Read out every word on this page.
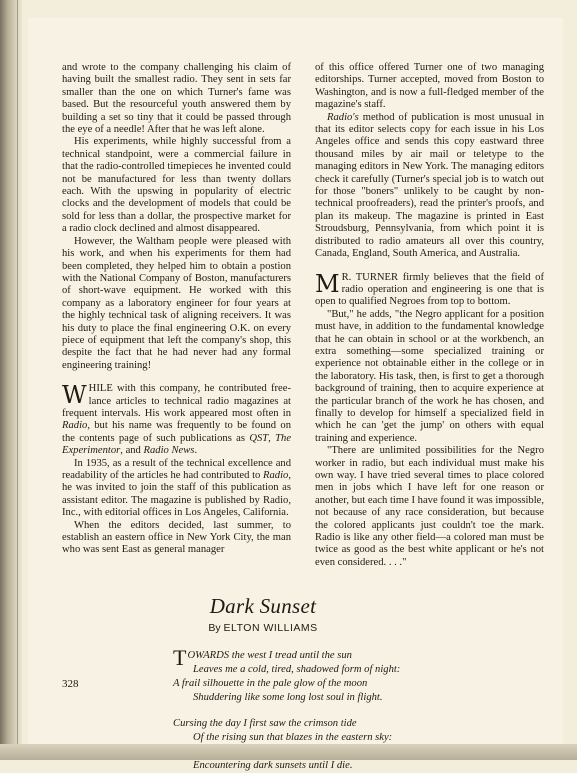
and wrote to the company challenging his claim of having built the smallest radio. They sent in sets far smaller than the one on which Turner's fame was based. But the resourceful youth answered them by building a set so tiny that it could be passed through the eye of a needle! After that he was left alone.

His experiments, while highly successful from a technical standpoint, were a commercial failure in that the radio-controlled timepieces he invented could not be manufactured for less than twenty dollars each. With the upswing in popularity of electric clocks and the development of models that could be sold for less than a dollar, the prospective market for a radio clock declined and almost disappeared.

However, the Waltham people were pleased with his work, and when his experiments for them had been completed, they helped him to obtain a postion with the National Company of Boston, manufacturers of short-wave equipment. He worked with this company as a laboratory engineer for four years at the highly technical task of aligning receivers. It was his duty to place the final engineering O.K. on every piece of equipment that left the company's shop, this despite the fact that he had never had any formal engineering training!

WHILE with this company, he contributed free-lance articles to technical radio magazines at frequent intervals. His work appeared most often in Radio, but his name was frequently to be found on the contents page of such publications as QST, The Experimentor, and Radio News.

In 1935, as a result of the technical excellence and readability of the articles he had contributed to Radio, he was invited to join the staff of this publication as assistant editor. The magazine is published by Radio, Inc., with editorial offices in Los Angeles, California.

When the editors decided, last summer, to establish an eastern office in New York City, the man who was sent East as general manager

of this office offered Turner one of two managing editorships. Turner accepted, moved from Boston to Washington, and is now a full-fledged member of the magazine's staff.

Radio's method of publication is most unusual in that its editor selects copy for each issue in his Los Angeles office and sends this copy eastward three thousand miles by air mail or teletype to the managing editors in New York. The managing editors check it carefully (Turner's special job is to watch out for those "boners" unlikely to be caught by non-technical proofreaders), read the printer's proofs, and plan its makeup. The magazine is printed in East Stroudsburg, Pennsylvania, from which point it is distributed to radio amateurs all over this country, Canada, England, South America, and Australia.

M R. TURNER firmly believes that the field of radio operation and engineering is one that is open to qualified Negroes from top to bottom.

"But," he adds, "the Negro applicant for a position must have, in addition to the fundamental knowledge that he can obtain in school or at the workbench, an extra something—some specialized training or experience not obtainable either in the college or in the laboratory. His task, then, is first to get a thorough background of training, then to acquire experience at the particular branch of the work he has chosen, and finally to develop for himself a specialized field in which he can 'get the jump' on others with equal training and experience.

"There are unlimited possibilities for the Negro worker in radio, but each individual must make his own way. I have tried several times to place colored men in jobs which I have left for one reason or another, but each time I have found it was impossible, not because of any race consideration, but because the colored applicants just couldn't toe the mark. Radio is like any other field—a colored man must be twice as good as the best white applicant or he's not even considered. . . ."

Dark Sunset
By ELTON WILLIAMS
TOWARDS the west I tread until the sun
Leaves me a cold, tired, shadowed form of night:
A frail silhouette in the pale glow of the moon
Shuddering like some long lost soul in flight.
Cursing the day I first saw the crimson tide
Of the rising sun that blazes in the eastern sky:
Encountering dark sunsets until I die.
328
